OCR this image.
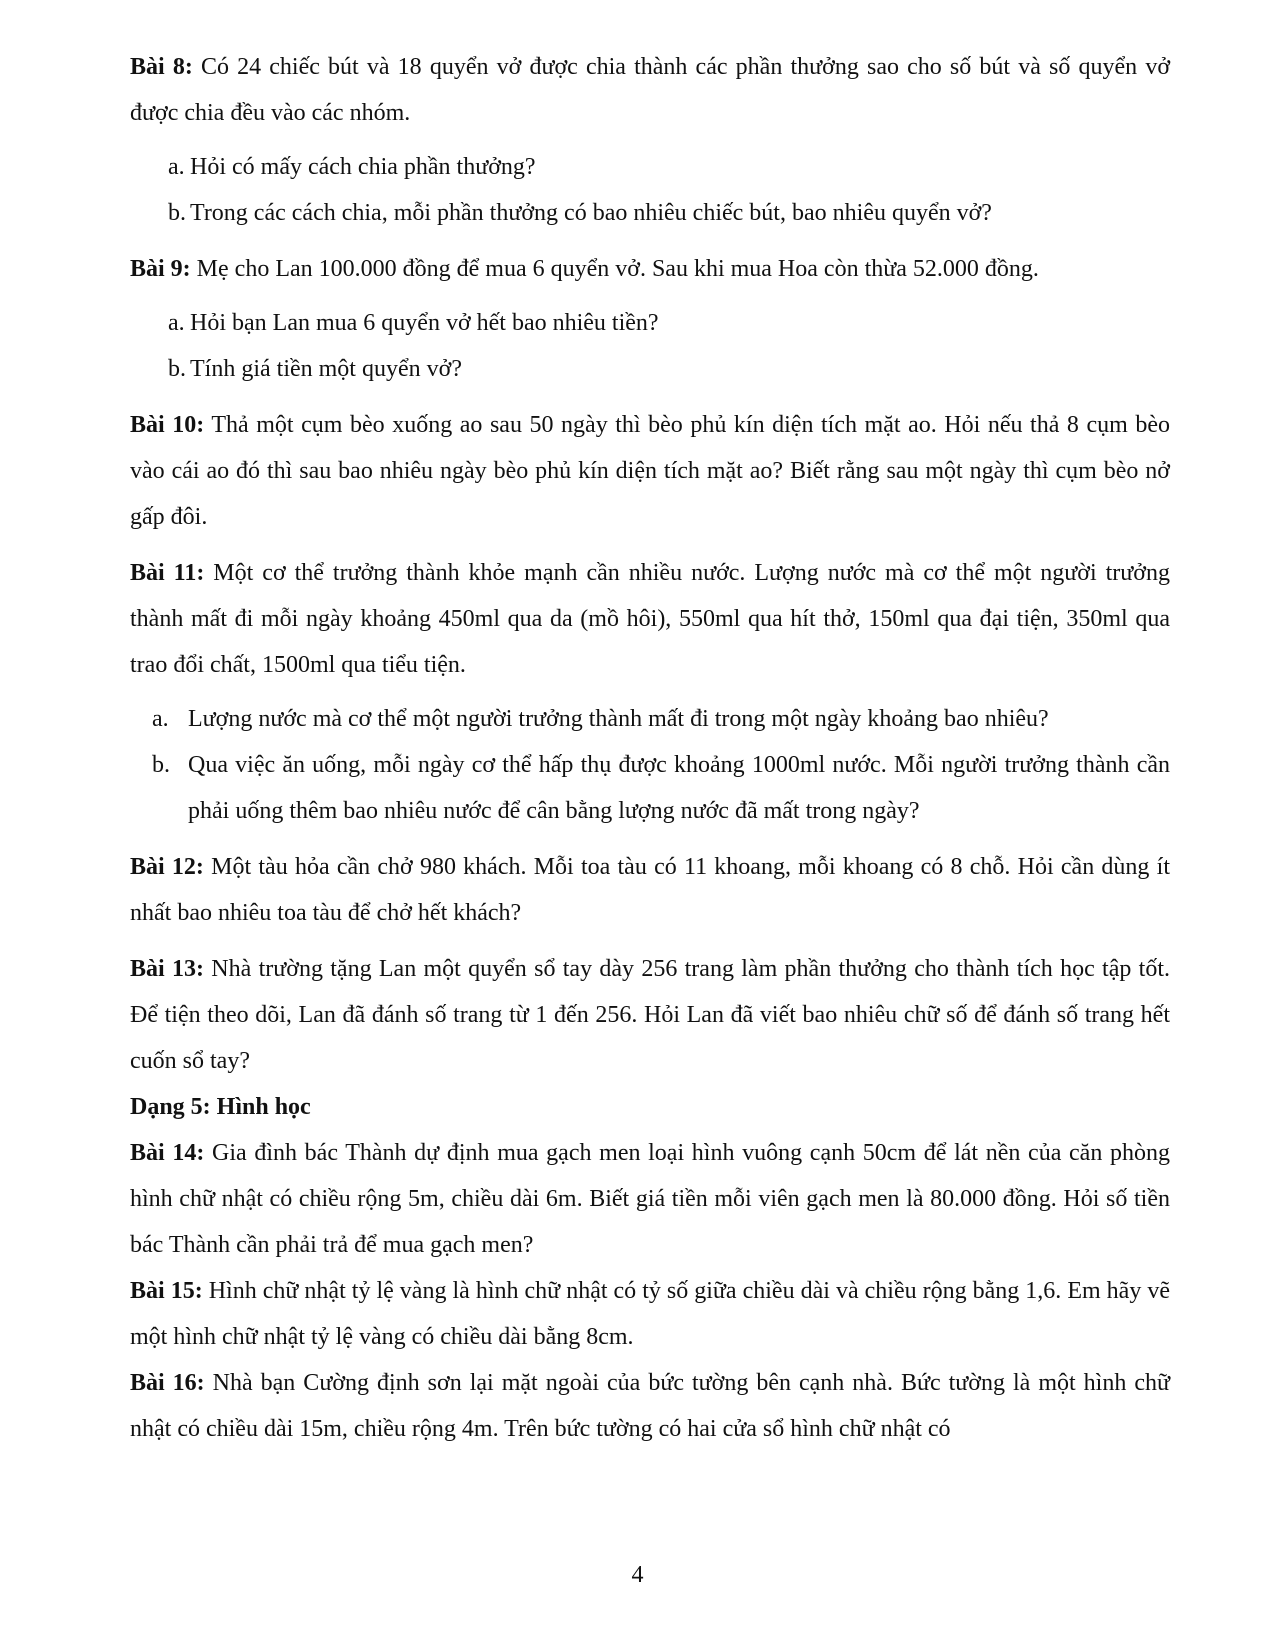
Bài 8: Có 24 chiếc bút và 18 quyển vở được chia thành các phần thưởng sao cho số bút và số quyển vở được chia đều vào các nhóm.

a. Hỏi có mấy cách chia phần thưởng?
b. Trong các cách chia, mỗi phần thưởng có bao nhiêu chiếc bút, bao nhiêu quyển vở?

Bài 9: Mẹ cho Lan 100.000 đồng để mua 6 quyển vở. Sau khi mua Hoa còn thừa 52.000 đồng.

a. Hỏi bạn Lan mua 6 quyển vở hết bao nhiêu tiền?
b. Tính giá tiền một quyển vở?

Bài 10: Thả một cụm bèo xuống ao sau 50 ngày thì bèo phủ kín diện tích mặt ao. Hỏi nếu thả 8 cụm bèo vào cái ao đó thì sau bao nhiêu ngày bèo phủ kín diện tích mặt ao? Biết rằng sau một ngày thì cụm bèo nở gấp đôi.

Bài 11: Một cơ thể trưởng thành khỏe mạnh cần nhiều nước. Lượng nước mà cơ thể một người trưởng thành mất đi mỗi ngày khoảng 450ml qua da (mồ hôi), 550ml qua hít thở, 150ml qua đại tiện, 350ml qua trao đổi chất, 1500ml qua tiểu tiện.

a. Lượng nước mà cơ thể một người trưởng thành mất đi trong một ngày khoảng bao nhiêu?
b. Qua việc ăn uống, mỗi ngày cơ thể hấp thụ được khoảng 1000ml nước. Mỗi người trưởng thành cần phải uống thêm bao nhiêu nước để cân bằng lượng nước đã mất trong ngày?

Bài 12: Một tàu hỏa cần chở 980 khách. Mỗi toa tàu có 11 khoang, mỗi khoang có 8 chỗ. Hỏi cần dùng ít nhất bao nhiêu toa tàu để chở hết khách?

Bài 13: Nhà trường tặng Lan một quyển sổ tay dày 256 trang làm phần thưởng cho thành tích học tập tốt. Để tiện theo dõi, Lan đã đánh số trang từ 1 đến 256. Hỏi Lan đã viết bao nhiêu chữ số để đánh số trang hết cuốn sổ tay?

Dạng 5: Hình học

Bài 14: Gia đình bác Thành dự định mua gạch men loại hình vuông cạnh 50cm để lát nền của căn phòng hình chữ nhật có chiều rộng 5m, chiều dài 6m. Biết giá tiền mỗi viên gạch men là 80.000 đồng. Hỏi số tiền bác Thành cần phải trả để mua gạch men?

Bài 15: Hình chữ nhật tỷ lệ vàng là hình chữ nhật có tỷ số giữa chiều dài và chiều rộng bằng 1,6. Em hãy vẽ một hình chữ nhật tỷ lệ vàng có chiều dài bằng 8cm.

Bài 16: Nhà bạn Cường định sơn lại mặt ngoài của bức tường bên cạnh nhà. Bức tường là một hình chữ nhật có chiều dài 15m, chiều rộng 4m. Trên bức tường có hai cửa sổ hình chữ nhật có

4
